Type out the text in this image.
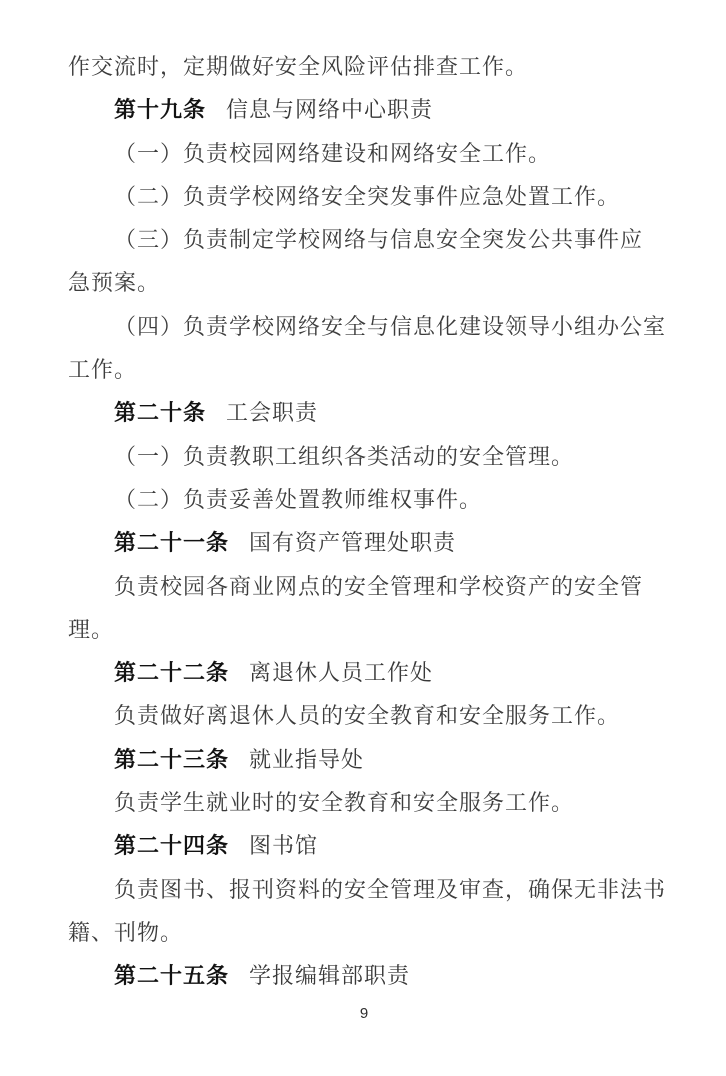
作交流时，定期做好安全风险评估排查工作。
第十九条 信息与网络中心职责
（一）负责校园网络建设和网络安全工作。
（二）负责学校网络安全突发事件应急处置工作。
（三）负责制定学校网络与信息安全突发公共事件应
急预案。
（四）负责学校网络安全与信息化建设领导小组办公室
工作。
第二十条 工会职责
（一）负责教职工组织各类活动的安全管理。
（二）负责妥善处置教师维权事件。
第二十一条 国有资产管理处职责
负责校园各商业网点的安全管理和学校资产的安全管
理。
第二十二条 离退休人员工作处
负责做好离退休人员的安全教育和安全服务工作。
第二十三条 就业指导处
负责学生就业时的安全教育和安全服务工作。
第二十四条 图书馆
负责图书、报刊资料的安全管理及审查，确保无非法书
籍、刊物。
第二十五条 学报编辑部职责
9
